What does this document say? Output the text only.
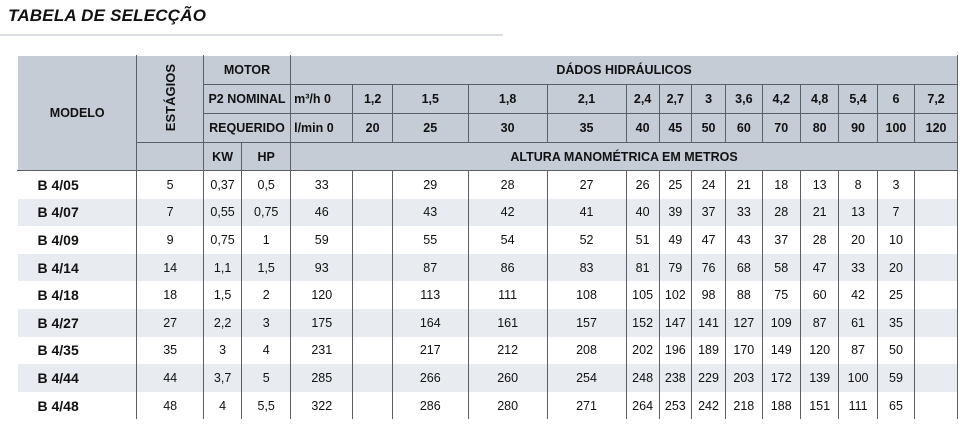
TABELA DE SELECÇÃO
MODELO	ESTÁGIOS	MOTOR		DÁDOS HIDRÁULICOS													
		P2 NOMINAL		m³/h 0	1,2	1,5	1,8	2,1	2,4	2,7	3	3,6	4,2	4,8	5,4	6	7,2
		REQUERIDO		l/min 0	20	25	30	35	40	45	50	60	70	80	90	100	120
		KW	HP	ALTURA MANOMÉTRICA EM METROS													
B 4/05	5	0,37	0,5	33		29	28	27	26	25	24	21	18	13	8	3	
B 4/07	7	0,55	0,75	46		43	42	41	40	39	37	33	28	21	13	7	
B 4/09	9	0,75	1	59		55	54	52	51	49	47	43	37	28	20	10	
B 4/14	14	1,1	1,5	93		87	86	83	81	79	76	68	58	47	33	20	
B 4/18	18	1,5	2	120		113	111	108	105	102	98	88	75	60	42	25	
B 4/27	27	2,2	3	175		164	161	157	152	147	141	127	109	87	61	35	
B 4/35	35	3	4	231		217	212	208	202	196	189	170	149	120	87	50	
B 4/44	44	3,7	5	285		266	260	254	248	238	229	203	172	139	100	59	
B 4/48	48	4	5,5	322		286	280	271	264	253	242	218	188	151	111	65	
